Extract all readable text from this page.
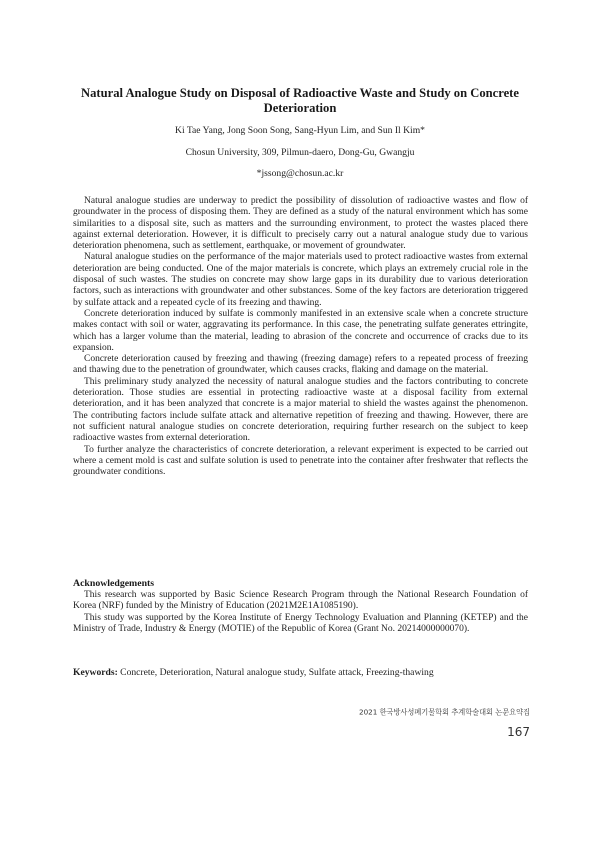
Natural Analogue Study on Disposal of Radioactive Waste and Study on Concrete Deterioration
Ki Tae Yang, Jong Soon Song, Sang-Hyun Lim, and Sun Il Kim*
Chosun University, 309, Pilmun-daero, Dong-Gu, Gwangju
*jssong@chosun.ac.kr

Natural analogue studies are underway to predict the possibility of dissolution of radioactive wastes and flow of groundwater in the process of disposing them. They are defined as a study of the natural environment which has some similarities to a disposal site, such as matters and the surrounding environment, to protect the wastes placed there against external deterioration. However, it is difficult to precisely carry out a natural analogue study due to various deterioration phenomena, such as settlement, earthquake, or movement of groundwater.

Natural analogue studies on the performance of the major materials used to protect radioactive wastes from external deterioration are being conducted. One of the major materials is concrete, which plays an extremely crucial role in the disposal of such wastes. The studies on concrete may show large gaps in its durability due to various deterioration factors, such as interactions with groundwater and other substances. Some of the key factors are deterioration triggered by sulfate attack and a repeated cycle of its freezing and thawing.

Concrete deterioration induced by sulfate is commonly manifested in an extensive scale when a concrete structure makes contact with soil or water, aggravating its performance. In this case, the penetrating sulfate generates ettringite, which has a larger volume than the material, leading to abrasion of the concrete and occurrence of cracks due to its expansion.

Concrete deterioration caused by freezing and thawing (freezing damage) refers to a repeated process of freezing and thawing due to the penetration of groundwater, which causes cracks, flaking and damage on the material.

This preliminary study analyzed the necessity of natural analogue studies and the factors contributing to concrete deterioration. Those studies are essential in protecting radioactive waste at a disposal facility from external deterioration, and it has been analyzed that concrete is a major material to shield the wastes against the phenomenon. The contributing factors include sulfate attack and alternative repetition of freezing and thawing. However, there are not sufficient natural analogue studies on concrete deterioration, requiring further research on the subject to keep radioactive wastes from external deterioration.

To further analyze the characteristics of concrete deterioration, a relevant experiment is expected to be carried out where a cement mold is cast and sulfate solution is used to penetrate into the container after freshwater that reflects the groundwater conditions.

Acknowledgements

This research was supported by Basic Science Research Program through the National Research Foundation of Korea (NRF) funded by the Ministry of Education (2021M2E1A1085190).

This study was supported by the Korea Institute of Energy Technology Evaluation and Planning (KETEP) and the Ministry of Trade, Industry & Energy (MOTIE) of the Republic of Korea (Grant No. 20214000000070).

Keywords: Concrete, Deterioration, Natural analogue study, Sulfate attack, Freezing-thawing
2021 한국방사성폐기물학회 추계학술대회 논문요약집 167
